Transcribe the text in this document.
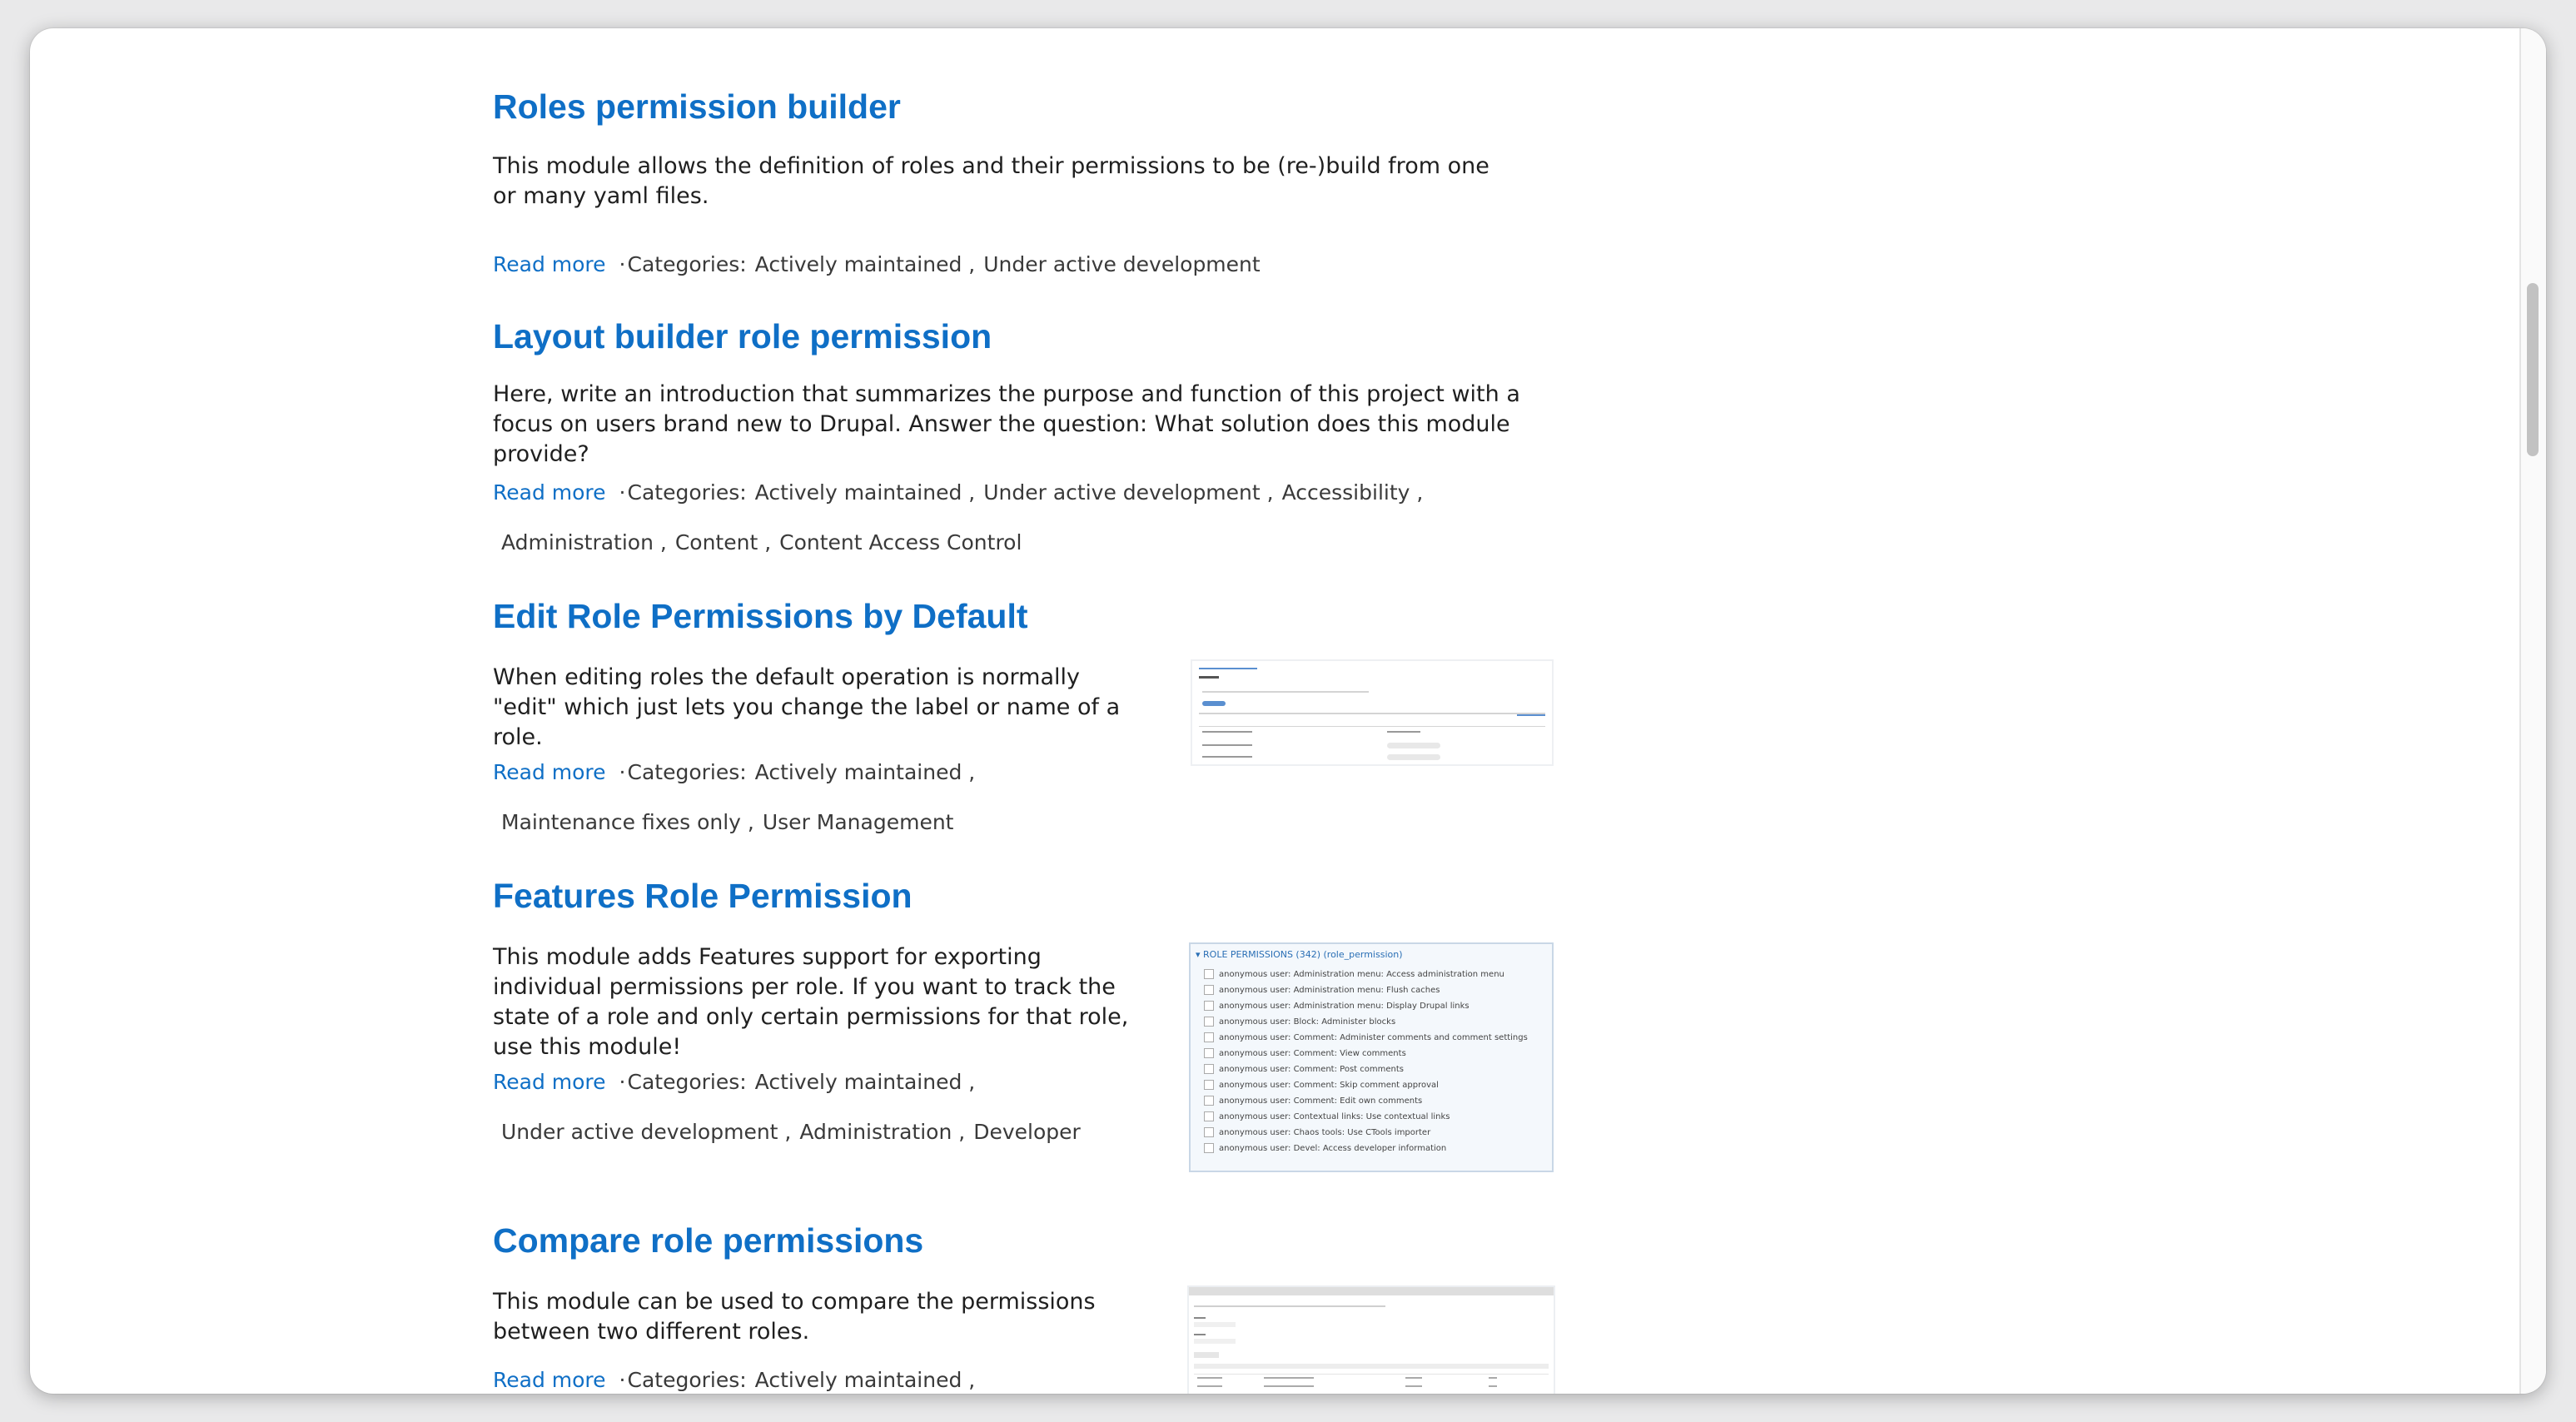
Roles permission builder

This module allows the definition of roles and their permissions to be (re-)build from one or many yaml files.

Read more ·Categories: Actively maintained , Under active development
Layout builder role permission

Here, write an introduction that summarizes the purpose and function of this project with a focus on users brand new to Drupal. Answer the question: What solution does this module provide?

Read more ·Categories: Actively maintained , Under active development , Accessibility ,
Administration , Content , Content Access Control
Edit Role Permissions by Default

When editing roles the default operation is normally "edit" which just lets you change the label or name of a role.

Read more ·Categories: Actively maintained ,
Maintenance fixes only , User Management
Features Role Permission

This module adds Features support for exporting individual permissions per role. If you want to track the state of a role and only certain permissions for that role, use this module!

Read more ·Categories: Actively maintained ,
Under active development , Administration , Developer
▾ ROLE PERMISSIONS (342) (role_permission)
anonymous user: Administration menu: Access administration menu
anonymous user: Administration menu: Flush caches
anonymous user: Administration menu: Display Drupal links
anonymous user: Block: Administer blocks
anonymous user: Comment: Administer comments and comment settings
anonymous user: Comment: View comments
anonymous user: Comment: Post comments
anonymous user: Comment: Skip comment approval
anonymous user: Comment: Edit own comments
anonymous user: Contextual links: Use contextual links
anonymous user: Chaos tools: Use CTools importer
anonymous user: Devel: Access developer information
Compare role permissions

This module can be used to compare the permissions between two different roles.

Read more ·Categories: Actively maintained ,
